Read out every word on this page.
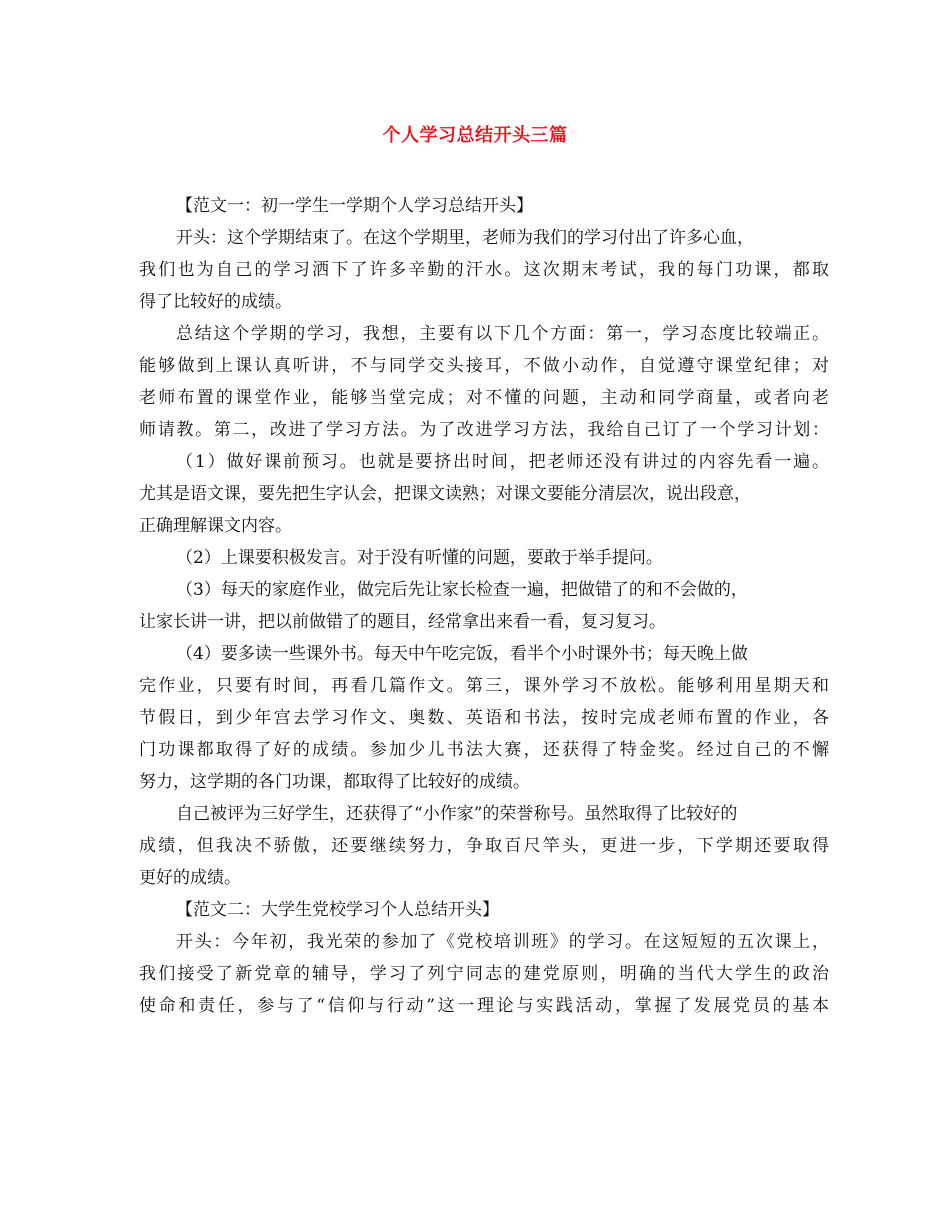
个人学习总结开头三篇
【范文一：初一学生一学期个人学习总结开头】
开头：这个学期结束了。在这个学期里，老师为我们的学习付出了许多心血，
我们也为自己的学习洒下了许多辛勤的汗水。这次期末考试，我的每门功课，都取
得了比较好的成绩。
总结这个学期的学习，我想，主要有以下几个方面：第一，学习态度比较端正。
能够做到上课认真听讲，不与同学交头接耳，不做小动作，自觉遵守课堂纪律；对
老师布置的课堂作业，能够当堂完成；对不懂的问题，主动和同学商量，或者向老
师请教。第二，改进了学习方法。为了改进学习方法，我给自己订了一个学习计划：
（1）做好课前预习。也就是要挤出时间，把老师还没有讲过的内容先看一遍。
尤其是语文课，要先把生字认会，把课文读熟；对课文要能分清层次，说出段意，
正确理解课文内容。
（2）上课要积极发言。对于没有听懂的问题，要敢于举手提问。
（3）每天的家庭作业，做完后先让家长检查一遍，把做错了的和不会做的，
让家长讲一讲，把以前做错了的题目，经常拿出来看一看，复习复习。
（4）要多读一些课外书。每天中午吃完饭，看半个小时课外书；每天晚上做
完作业，只要有时间，再看几篇作文。第三，课外学习不放松。能够利用星期天和
节假日，到少年宫去学习作文、奥数、英语和书法，按时完成老师布置的作业，各
门功课都取得了好的成绩。参加少儿书法大赛，还获得了特金奖。经过自己的不懈
努力，这学期的各门功课，都取得了比较好的成绩。
自己被评为三好学生，还获得了“小作家”的荣誉称号。虽然取得了比较好的
成绩，但我决不骄傲，还要继续努力，争取百尺竿头，更进一步，下学期还要取得
更好的成绩。
【范文二：大学生党校学习个人总结开头】
开头：今年初，我光荣的参加了《党校培训班》的学习。在这短短的五次课上，
我们接受了新党章的辅导，学习了列宁同志的建党原则，明确的当代大学生的政治
使命和责任，参与了“信仰与行动”这一理论与实践活动，掌握了发展党员的基本
